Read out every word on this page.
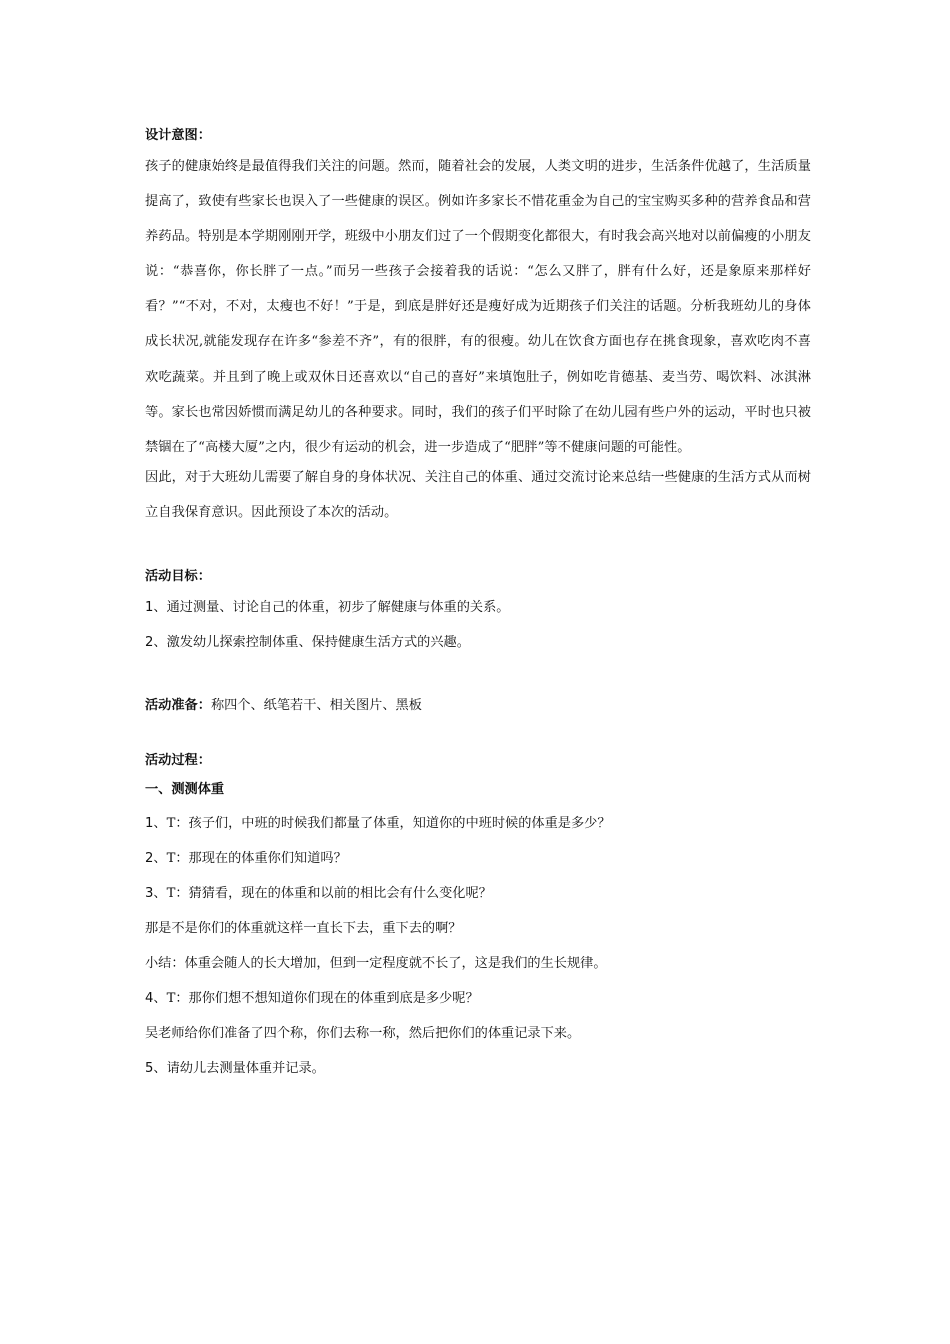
设计意图：

孩子的健康始终是最值得我们关注的问题。然而，随着社会的发展，人类文明的进步，生活条件优越了，生活质量提高了，致使有些家长也误入了一些健康的误区。例如许多家长不惜花重金为自己的宝宝购买多种的营养食品和营养药品。特别是本学期刚刚开学，班级中小朋友们过了一个假期变化都很大，有时我会高兴地对以前偏瘦的小朋友说：“恭喜你，你长胖了一点。”而另一些孩子会接着我的话说：“怎么又胖了，胖有什么好，还是象原来那样好看？”“不对，不对，太瘦也不好！”于是，到底是胖好还是瘦好成为近期孩子们关注的话题。分析我班幼儿的身体成长状况,就能发现存在许多“参差不齐”，有的很胖，有的很瘦。幼儿在饮食方面也存在挑食现象，喜欢吃肉不喜欢吃蔬菜。并且到了晚上或双休日还喜欢以“自己的喜好”来填饱肚子，例如吃肯德基、麦当劳、喝饮料、冰淇淋等。家长也常因娇惯而满足幼儿的各种要求。同时，我们的孩子们平时除了在幼儿园有些户外的运动，平时也只被禁锢在了“高楼大厦”之内，很少有运动的机会，进一步造成了“肥胖”等不健康问题的可能性。

因此，对于大班幼儿需要了解自身的身体状况、关注自己的体重、通过交流讨论来总结一些健康的生活方式从而树立自我保育意识。因此预设了本次的活动。

活动目标：

1、通过测量、讨论自己的体重，初步了解健康与体重的关系。

2、激发幼儿探索控制体重、保持健康生活方式的兴趣。

活动准备：称四个、纸笔若干、相关图片、黑板

活动过程：

一、测测体重

1、T：孩子们，中班的时候我们都量了体重，知道你的中班时候的体重是多少？

2、T：那现在的体重你们知道吗？

3、T：猜猜看，现在的体重和以前的相比会有什么变化呢？

那是不是你们的体重就这样一直长下去，重下去的啊？

小结：体重会随人的长大增加，但到一定程度就不长了，这是我们的生长规律。

4、T：那你们想不想知道你们现在的体重到底是多少呢？

吴老师给你们准备了四个称，你们去称一称，然后把你们的体重记录下来。

5、请幼儿去测量体重并记录。
